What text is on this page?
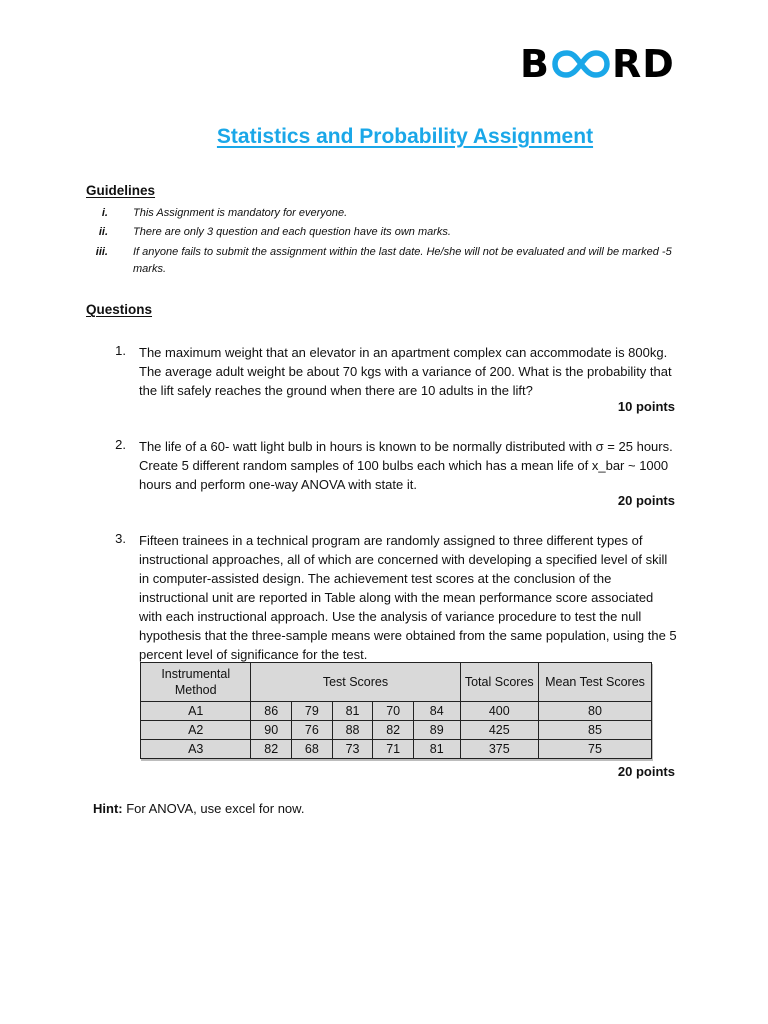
B RD
Statistics and Probability Assignment
Guidelines
i. This Assignment is mandatory for everyone.
ii. There are only 3 question and each question have its own marks.
iii. If anyone fails to submit the assignment within the last date. He/she will not be evaluated and will be marked -5 marks.
Questions
1. The maximum weight that an elevator in an apartment complex can accommodate is 800kg. The average adult weight be about 70 kgs with a variance of 200. What is the probability that the lift safely reaches the ground when there are 10 adults in the lift?
10 points
2. The life of a 60- watt light bulb in hours is known to be normally distributed with σ = 25 hours. Create 5 different random samples of 100 bulbs each which has a mean life of x_bar ~ 1000 hours and perform one-way ANOVA with state it.
20 points
3. Fifteen trainees in a technical program are randomly assigned to three different types of instructional approaches, all of which are concerned with developing a specified level of skill in computer-assisted design. The achievement test scores at the conclusion of the instructional unit are reported in Table along with the mean performance score associated with each instructional approach. Use the analysis of variance procedure to test the null hypothesis that the three-sample means were obtained from the same population, using the 5 percent level of significance for the test.
20 points
Instrumental Method	Test Scores					Total Scores	Mean Test Scores
A1	86	79	81	70	84	400	80
A2	90	76	88	82	89	425	85
A3	82	68	73	71	81	375	75
Hint: For ANOVA, use excel for now.
